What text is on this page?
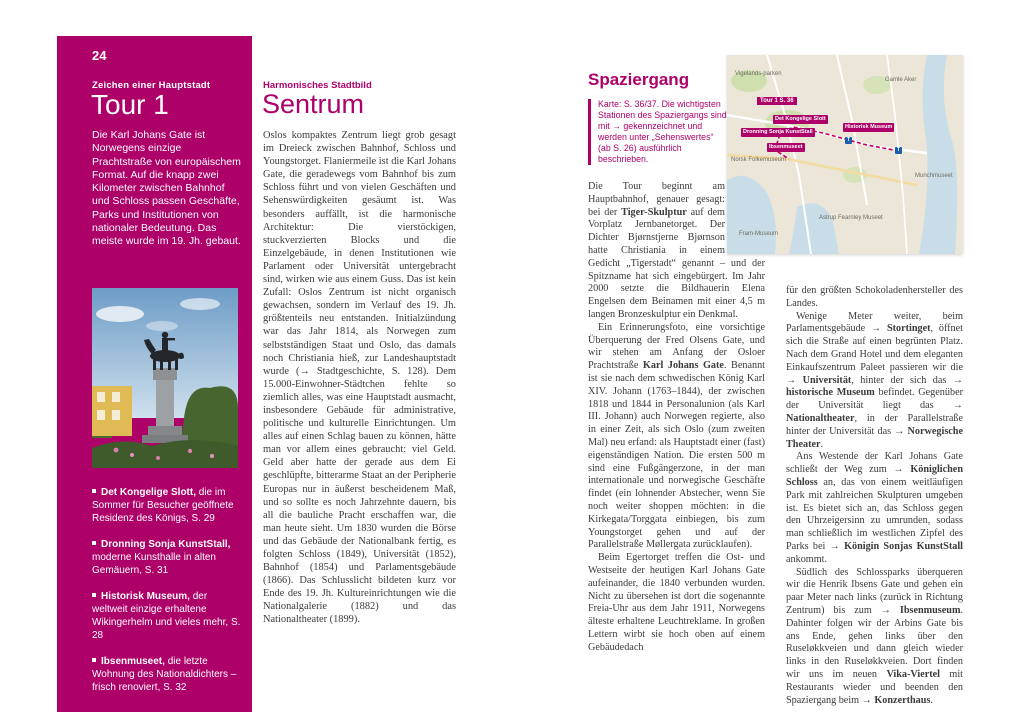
24
Zeichen einer Hauptstadt
Tour 1

Die Karl Johans Gate ist Norwegens einzige Prachtstraße von europäischem Format. Auf die knapp zwei Kilometer zwischen Bahnhof und Schloss passen Geschäfte, Parks und Institutionen von nationaler Bedeutung. Das meiste wurde im 19. Jh. gebaut.

Det Kongelige Slott, die im Sommer für Besucher geöffnete Residenz des Königs, S. 29

Dronning Sonja KunstStall, moderne Kunsthalle in alten Gemäuern, S. 31

Historisk Museum, der weltweit einzige erhaltene Wikingerhelm und vieles mehr, S. 28

Ibsenmuseet, die letzte Wohnung des Nationaldichters – frisch renoviert, S. 32

Harmonisches Stadtbild
Sentrum
Oslos kompaktes Zentrum liegt grob gesagt im Dreieck zwischen Bahnhof, Schloss und Youngstorget. Flaniermeile ist die Karl Johans Gate, die geradewegs vom Bahnhof bis zum Schloss führt und von vielen Geschäften und Sehenswürdigkeiten gesäumt ist. Was besonders auffällt, ist die harmonische Architektur: Die vierstöckigen, stuckverzierten Blocks und die Einzelgebäude, in denen Institutionen wie Parlament oder Universität untergebracht sind, wirken wie aus einem Guss. Das ist kein Zufall: Oslos Zentrum ist nicht organisch gewachsen, sondern im Verlauf des 19. Jh. größtenteils neu entstanden. Initialzündung war das Jahr 1814, als Norwegen zum selbstständigen Staat und Oslo, das damals noch Christiania hieß, zur Landeshauptstadt wurde (→ Stadtgeschichte, S. 128). Dem 15.000-Einwohner-Städtchen fehlte so ziemlich alles, was eine Hauptstadt ausmacht, insbesondere Gebäude für administrative, politische und kulturelle Einrichtungen. Um alles auf einen Schlag bauen zu können, hätte man vor allem eines gebraucht: viel Geld. Geld aber hatte der gerade aus dem Ei geschlüpfte, bitterarme Staat an der Peripherie Europas nur in äußerst bescheidenem Maß, und so sollte es noch Jahrzehnte dauern, bis all die bauliche Pracht erschaffen war, die man heute sieht. Um 1830 wurden die Börse und das Gebäude der Nationalbank fertig, es folgten Schloss (1849), Universität (1852), Bahnhof (1854) und Parlamentsgebäude (1866). Das Schlusslicht bildeten kurz vor Ende des 19. Jh. Kultureinrichtungen wie die Nationalgalerie (1882) und das Nationaltheater (1899).
Spaziergang
Karte: S. 36/37. Die wichtigsten Stationen des Spaziergangs sind mit → gekennzeichnet und werden unter „Sehenswertes“ (ab S. 26) ausführlich beschrieben.

Die Tour beginnt am Hauptbahnhof, genauer gesagt: bei der Tiger-Skulptur auf dem Vorplatz Jernbanetorget. Der Dichter Bjørnstjerne Bjørnson hatte Christiania in einem Gedicht „Tigerstadt“ genannt – und der Spitzname hat sich eingebürgert. Im Jahr 2000 setzte die Bildhauerin Elena Engelsen dem Beinamen mit einer 4,5 m langen Bronzeskulptur ein Denkmal.

Ein Erinnerungsfoto, eine vorsichtige Überquerung der Fred Olsens Gate, und wir stehen am Anfang der Osloer Prachtstraße Karl Johans Gate. Benannt ist sie nach dem schwedischen König Karl XIV. Johann (1763–1844), der zwischen 1818 und 1844 in Personalunion (als Karl III. Johann) auch Norwegen regierte, also in einer Zeit, als sich Oslo (zum zweiten Mal) neu erfand: als Hauptstadt einer (fast) eigenständigen Nation. Die ersten 500 m sind eine Fußgängerzone, in der man internationale und norwegische Geschäfte findet (ein lohnender Abstecher, wenn Sie noch weiter shoppen möchten: in die Kirkegata/Torggata einbiegen, bis zum Youngstorget gehen und auf der Parallelstraße Møllergata zurücklaufen).

Beim Egertorget treffen die Ost- und Westseite der heutigen Karl Johans Gate aufeinander, die 1840 verbunden wurden. Nicht zu übersehen ist dort die sogenannte Freia-Uhr aus dem Jahr 1911, Norwegens älteste erhaltene Leuchtreklame. In großen Lettern wirbt sie hoch oben auf einem Gebäudedach

für den größten Schokoladenhersteller des Landes.

Wenige Meter weiter, beim Parlamentsgebäude → Stortinget, öffnet sich die Straße auf einen begrünten Platz. Nach dem Grand Hotel und dem eleganten Einkaufszentrum Paleet passieren wir die → Universität, hinter der sich das → historische Museum befindet. Gegenüber der Universität liegt das → Nationaltheater, in der Parallelstraße hinter der Universität das → Norwegische Theater.

Ans Westende der Karl Johans Gate schließt der Weg zum → Königlichen Schloss an, das von einem weitläufigen Park mit zahlreichen Skulpturen umgeben ist. Es bietet sich an, das Schloss gegen den Uhrzeigersinn zu umrunden, sodass man schließlich im westlichen Zipfel des Parks bei → Königin Sonjas KunstStall ankommt.

Südlich des Schlossparks überqueren wir die Henrik Ibsens Gate und gehen ein paar Meter nach links (zurück in Richtung Zentrum) bis zum → Ibsenmuseum. Dahinter folgen wir der Arbins Gate bis ans Ende, gehen links über den Ruseløkkveien und dann gleich wieder links in den Ruseløkkveien. Dort finden wir uns im neuen Vika-Viertel mit Restaurants wieder und beenden den Spaziergang beim → Konzerthaus.

Tour 1 S. 36
Det Kongelige Slott
Dronning Sonja KunstStall
Historisk Museum
Ibsenmuseet
Vigelands-parken
Gamle Aker
Norsk Folkemuseum
Munchmuseet
Fram-Museum
Astrup Fearnley Museet
T
T
